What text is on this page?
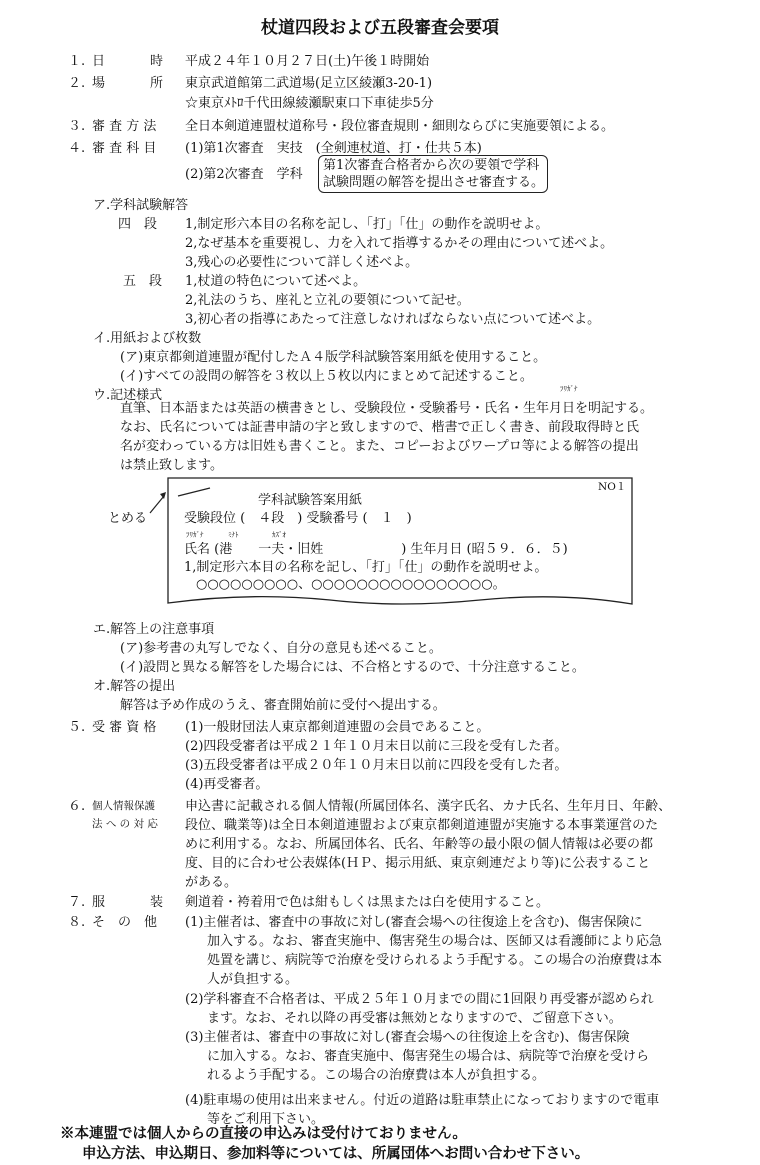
杖道四段および五段審査会要項
１. 日	時 平成２４年１０月２７日(土)午後１時開始
２. 場	所 東京武道館第二武道場(足立区綾瀬3-20-1)
☆東京ﾒﾄﾛ千代田線綾瀬駅東口下車徒歩5分
３. 審 査 方 法 全日本剣道連盟杖道称号・段位審査規則・細則ならびに実施要領による。
４. 審 査 科 目 (1)第1次審査　実技　(全剣連杖道、打・仕共５本)
(2)第2次審査　学科
第1次審査合格者から次の要領で学科
試験問題の解答を提出させ審査する。
ア.学科試験解答
四　段 1,制定形六本目の名称を記し、「打」「仕」の動作を説明せよ。
2,なぜ基本を重要視し、力を入れて指導するかその理由について述べよ。
3,残心の必要性について詳しく述べよ。
五　段 1,杖道の特色について述べよ。
2,礼法のうち、座礼と立礼の要領について記せ。
3,初心者の指導にあたって注意しなければならない点について述べよ。
イ.用紙および枚数
(ア)東京都剣道連盟が配付したＡ４版学科試験答案用紙を使用すること。
(イ)すべての設問の解答を３枚以上５枚以内にまとめて記述すること。
ウ.記述様式	ﾌﾘｶﾞﾅ
直筆、日本語または英語の横書きとし、受験段位・受験番号・氏名・生年月日を明記する。
なお、氏名については証書申請の字と致しますので、楷書で正しく書き、前段取得時と氏
名が変わっている方は旧姓も書くこと。また、コピーおよびワープロ等による解答の提出
は禁止致します。
とめる
NO１
学科試験答案用紙
受験段位 (　４段　) 受験番号 (　１　)
ﾌﾘｶﾞﾅ	ﾐﾅﾄ	ｶｽﾞｵ
氏名 (港　　一夫・旧姓　　　　　　) 生年月日 (昭５９．６．５)
1,制定形六本目の名称を記し、「打」「仕」の動作を説明せよ。
○○○○○○○○○、○○○○○○○○○○○○○○○○。
エ.解答上の注意事項
(ア)参考書の丸写しでなく、自分の意見も述べること。
(イ)設問と異なる解答をした場合には、不合格とするので、十分注意すること。
オ.解答の提出
解答は予め作成のうえ、審査開始前に受付へ提出する。
５. 受 審 資 格 (1)一般財団法人東京都剣道連盟の会員であること。
(2)四段受審者は平成２１年１０月末日以前に三段を受有した者。
(3)五段受審者は平成２０年１０月末日以前に四段を受有した者。
(4)再受審者。
６. 個人情報保護
法 へ の 対 応
申込書に記載される個人情報(所属団体名、漢字氏名、カナ氏名、生年月日、年齢、
段位、職業等)は全日本剣道連盟および東京都剣道連盟が実施する本事業運営のた
めに利用する。なお、所属団体名、氏名、年齢等の最小限の個人情報は必要の都
度、目的に合わせ公表媒体(ＨＰ、掲示用紙、東京剣連だより等)に公表すること
がある。
７. 服	装 剣道着・袴着用で色は紺もしくは黒または白を使用すること。
８. そ　の　他 (1)主催者は、審査中の事故に対し(審査会場への往復途上を含む)、傷害保険に
加入する。なお、審査実施中、傷害発生の場合は、医師又は看護師により応急
処置を講じ、病院等で治療を受けられるよう手配する。この場合の治療費は本
人が負担する。
(2)学科審査不合格者は、平成２５年１０月までの間に1回限り再受審が認められ
ます。なお、それ以降の再受審は無効となりますので、ご留意下さい。
(3)主催者は、審査中の事故に対し(審査会場への往復途上を含む)、傷害保険
に加入する。なお、審査実施中、傷害発生の場合は、病院等で治療を受けら
れるよう手配する。この場合の治療費は本人が負担する。
(4)駐車場の使用は出来ません。付近の道路は駐車禁止になっておりますので電車
等をご利用下さい。
※本連盟では個人からの直接の申込みは受付けておりません。
申込方法、申込期日、参加料等については、所属団体へお問い合わせ下さい。
